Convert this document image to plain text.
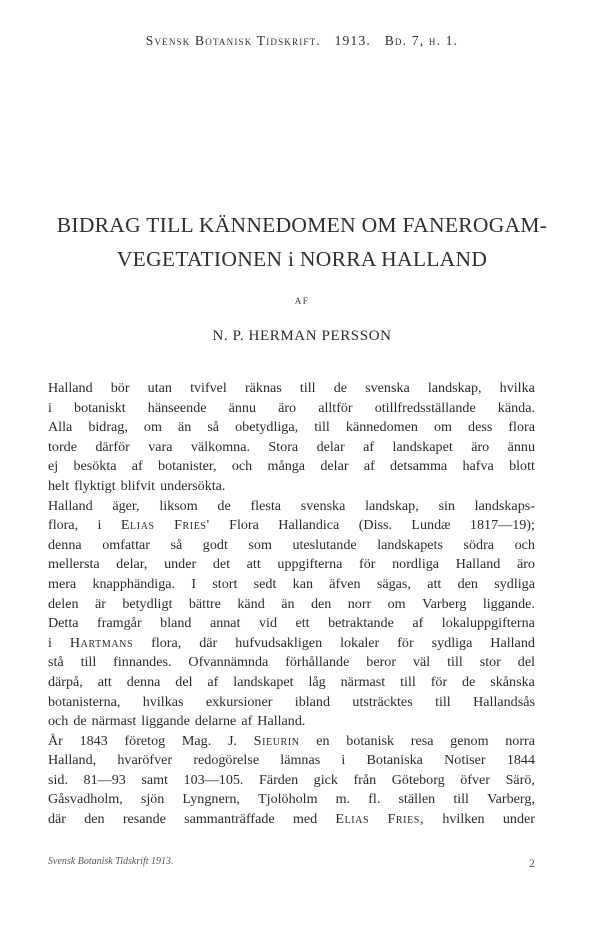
Svensk Botanisk Tidskrift. 1913. Bd. 7, h. 1.
BIDRAG TILL KÄNNEDOMEN OM FANEROGAM-
VEGETATIONEN i NORRA HALLAND
AF
N. P. HERMAN PERSSON
Halland bör utan tvifvel räknas till de svenska landskap, hvilka
i botaniskt hänseende ännu äro alltför otillfredsställande kända.
Alla bidrag, om än så obetydliga, till kännedomen om dess flora
torde därför vara välkomna. Stora delar af landskapet äro ännu
ej besökta af botanister, och många delar af detsamma hafva blott
helt flyktigt blifvit undersökta.
Halland äger, liksom de flesta svenska landskap, sin landskaps-
flora, i Elias Fries' Flora Hallandica (Diss. Lundæ 1817—19);
denna omfattar så godt som uteslutande landskapets södra och
mellersta delar, under det att uppgifterna för nordliga Halland äro
mera knapphändiga. I stort sedt kan äfven sägas, att den sydliga
delen är betydligt bättre känd än den norr om Varberg liggande.
Detta framgår bland annat vid ett betraktande af lokaluppgifterna
i Hartmans flora, där hufvudsakligen lokaler för sydliga Halland
stå till finnandes. Ofvannämnda förhållande beror väl till stor del
därpå, att denna del af landskapet låg närmast till för de skånska
botanisterna, hvilkas exkursioner ibland utsträcktes till Hallandsås
och de närmast liggande delarne af Halland.
År 1843 företog Mag. J. Sieurin en botanisk resa genom norra
Halland, hvaröfver redogörelse lämnas i Botaniska Notiser 1844
sid. 81—93 samt 103—105. Färden gick från Göteborg öfver Särö,
Gåsvadholm, sjön Lyngnern, Tjolöholm m. fl. ställen till Varberg,
där den resande sammanträffade med Elias Fries, hvilken under
Svensk Botanisk Tidskrift 1913.	2
